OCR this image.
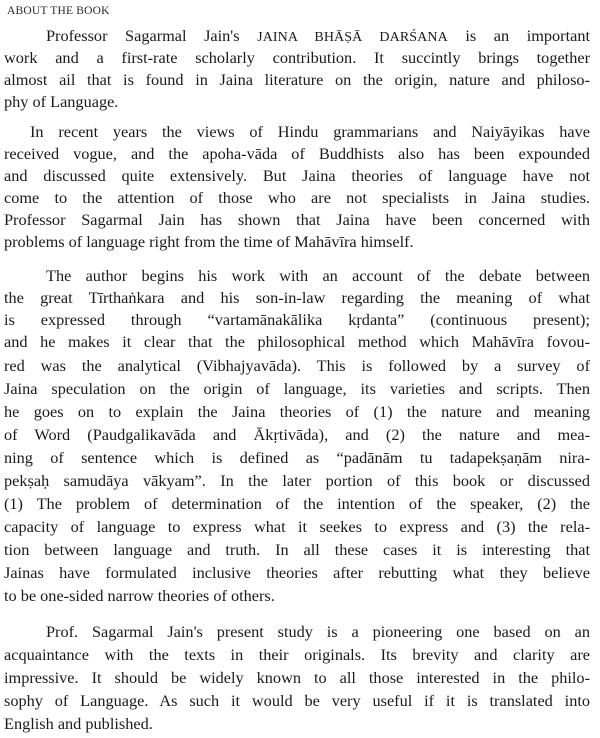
ABOUT THE BOOK
Professor Sagarmal Jain's JAINA BHĀṢĀ DARŚANA is an important
work and a first-rate scholarly contribution. It succintly brings together
almost ail that is found in Jaina literature on the origin, nature and philoso-
phy of Language.
In recent years the views of Hindu grammarians and Naiyāyikas have
received vogue, and the apoha-vāda of Buddhists also has been expounded
and discussed quite extensively. But Jaina theories of language have not
come to the attention of those who are not specialists in Jaina studies.
Professor Sagarmal Jain has shown that Jaina have been concerned with
problems of language right from the time of Mahāvīra himself.
The author begins his work with an account of the debate between
the great Tīrthaṅkara and his son-in-law regarding the meaning of what
is expressed through “vartamānakālika kṛdanta” (continuous present);
and he makes it clear that the philosophical method which Mahāvīra fovou-
red was the analytical (Vibhajyavāda). This is followed by a survey of
Jaina speculation on the origin of language, its varieties and scripts. Then
he goes on to explain the Jaina theories of (1) the nature and meaning
of Word (Paudgalikavāda and Ākṛtivāda), and (2) the nature and mea-
ning of sentence which is defined as “padānām tu tadapekṣaṇām nira-
pekṣaḥ samudāya vākyam”. In the later portion of this book or discussed
(1) The problem of determination of the intention of the speaker, (2) the
capacity of language to express what it seekes to express and (3) the rela-
tion between language and truth. In all these cases it is interesting that
Jainas have formulated inclusive theories after rebutting what they believe
to be one-sided narrow theories of others.
Prof. Sagarmal Jain's present study is a pioneering one based on an
acquaintance with the texts in their originals. Its brevity and clarity are
impressive. It should be widely known to all those interested in the philo-
sophy of Language. As such it would be very useful if it is translated into
English and published.
